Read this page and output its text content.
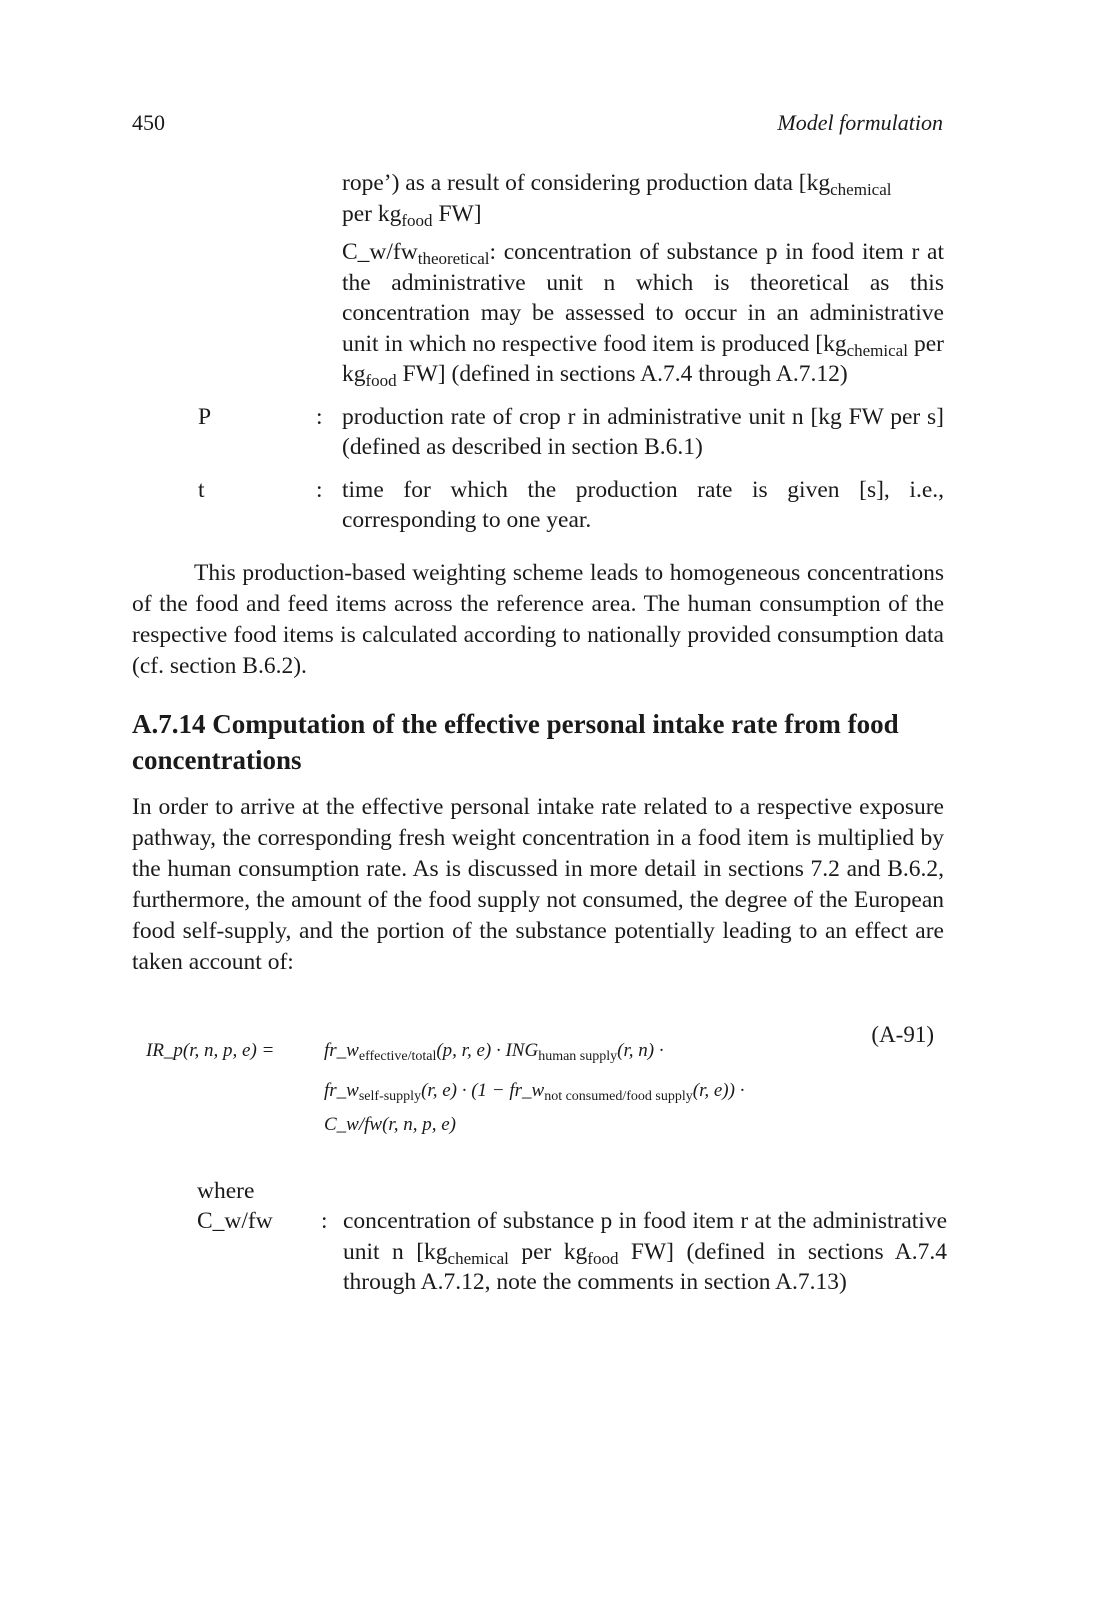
450	Model formulation
rope’) as a result of considering production data [$kg_{chemical}$
per $kg_{food}$ FW]
$C\_w/fw_{theoretical}$: concentration of substance p in food item r at the administrative unit n which is theoretical as this concentration may be assessed to occur in an administrative unit in which no respective food item is produced [$kg_{chemical}$ per $kg_{food}$ FW] (defined in sections A.7.4 through A.7.12)
P	: production rate of crop r in administrative unit n [kg FW per s] (defined as described in section B.6.1)
t	: time for which the production rate is given [s], i.e., corresponding to one year.
This production-based weighting scheme leads to homogeneous concentrations of the food and feed items across the reference area. The human consumption of the respective food items is calculated according to nationally provided consumption data (cf. section B.6.2).
A.7.14 Computation of the effective personal intake rate from food concentrations
In order to arrive at the effective personal intake rate related to a respective exposure pathway, the corresponding fresh weight concentration in a food item is multiplied by the human consumption rate. As is discussed in more detail in sections 7.2 and B.6.2, furthermore, the amount of the food supply not consumed, the degree of the European food self-supply, and the portion of the substance potentially leading to an effect are taken account of:
(A-91)
IR_p(r, n, p, e) =	$fr\_w_{effective/total}(p$, r, $e) \cdot ING_{human supply}(r$, n) ·
$fr\_w_{self-supply}(r$, $e) \cdot (1 - fr\_w_{not consumed/food supply}(r$, e)) ·
C_w/fw(r, n, p, e)
where
C_w/fw	: concentration of substance p in food item r at the administrative unit n [$kg_{chemical}$ per $kg_{food}$ FW] (defined in sections A.7.4 through A.7.12, note the comments in section A.7.13)
